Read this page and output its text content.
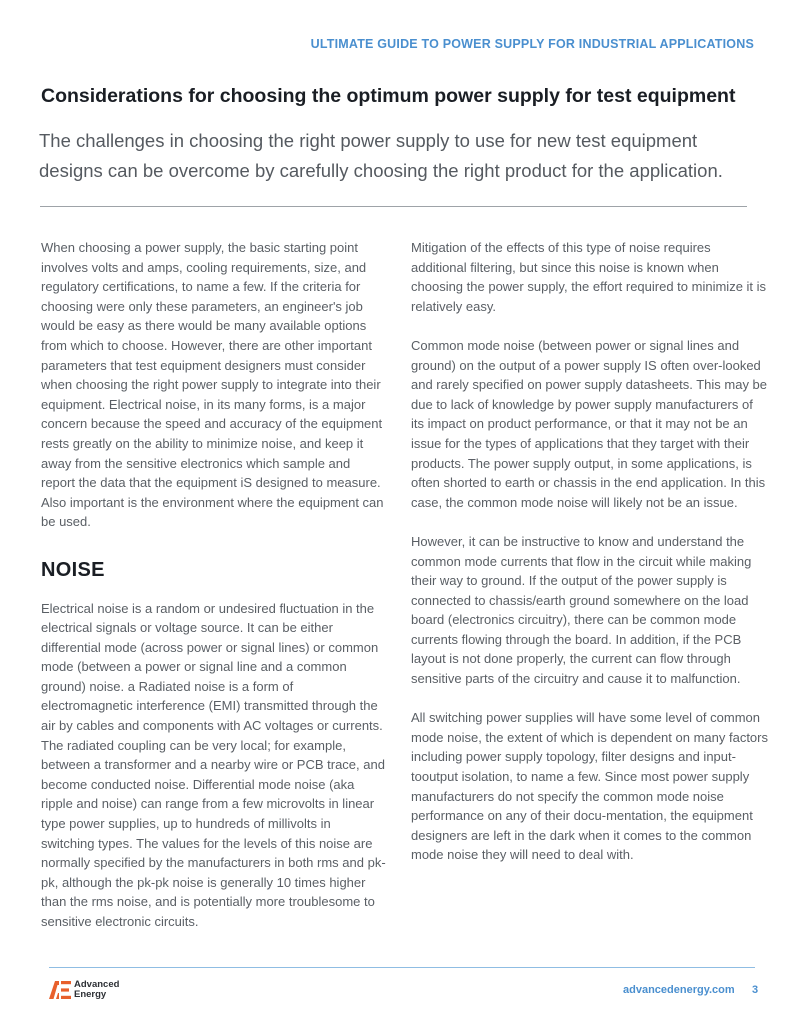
ULTIMATE GUIDE TO POWER SUPPLY FOR INDUSTRIAL APPLICATIONS
Considerations for choosing the optimum power supply for test equipment

The challenges in choosing the right power supply to use for new test equipment designs can be overcome by carefully choosing the right product for the application.

When choosing a power supply, the basic starting point involves volts and amps, cooling requirements, size, and regulatory certifications, to name a few. If the criteria for choosing were only these parameters, an engineer's job would be easy as there would be many available options from which to choose. However, there are other important parameters that test equipment designers must consider when choosing the right power supply to integrate into their equipment. Electrical noise, in its many forms, is a major concern because the speed and accuracy of the equipment rests greatly on the ability to minimize noise, and keep it away from the sensitive electronics which sample and report the data that the equipment iS designed to measure. Also important is the environment where the equipment can be used.

NOISE

Electrical noise is a random or undesired fluctuation in the electrical signals or voltage source. It can be either differential mode (across power or signal lines) or common mode (between a power or signal line and a common ground) noise. a Radiated noise is a form of electromagnetic interference (EMI) transmitted through the air by cables and components with AC voltages or currents. The radiated coupling can be very local; for example, between a transformer and a nearby wire or PCB trace, and become conducted noise. Differential mode noise (aka ripple and noise) can range from a few microvolts in linear type power supplies, up to hundreds of millivolts in switching types. The values for the levels of this noise are normally specified by the manufacturers in both rms and pk-pk, although the pk-pk noise is generally 10 times higher than the rms noise, and is potentially more troublesome to sensitive electronic circuits.

Mitigation of the effects of this type of noise requires additional filtering, but since this noise is known when choosing the power supply, the effort required to minimize it is relatively easy.

Common mode noise (between power or signal lines and ground) on the output of a power supply IS often over-looked and rarely specified on power supply datasheets. This may be due to lack of knowledge by power supply manufacturers of its impact on product performance, or that it may not be an issue for the types of applications that they target with their products. The power supply output, in some applications, is often shorted to earth or chassis in the end application. In this case, the common mode noise will likely not be an issue.

However, it can be instructive to know and understand the common mode currents that flow in the circuit while making their way to ground. If the output of the power supply is connected to chassis/earth ground somewhere on the load board (electronics circuitry), there can be common mode currents flowing through the board. In addition, if the PCB layout is not done properly, the current can flow through sensitive parts of the circuitry and cause it to malfunction.

All switching power supplies will have some level of common mode noise, the extent of which is dependent on many factors including power supply topology, filter designs and input-tooutput isolation, to name a few. Since most power supply manufacturers do not specify the common mode noise performance on any of their docu-mentation, the equipment designers are left in the dark when it comes to the common mode noise they will need to deal with.

Advanced
Energy	advancedenergy.com 3
